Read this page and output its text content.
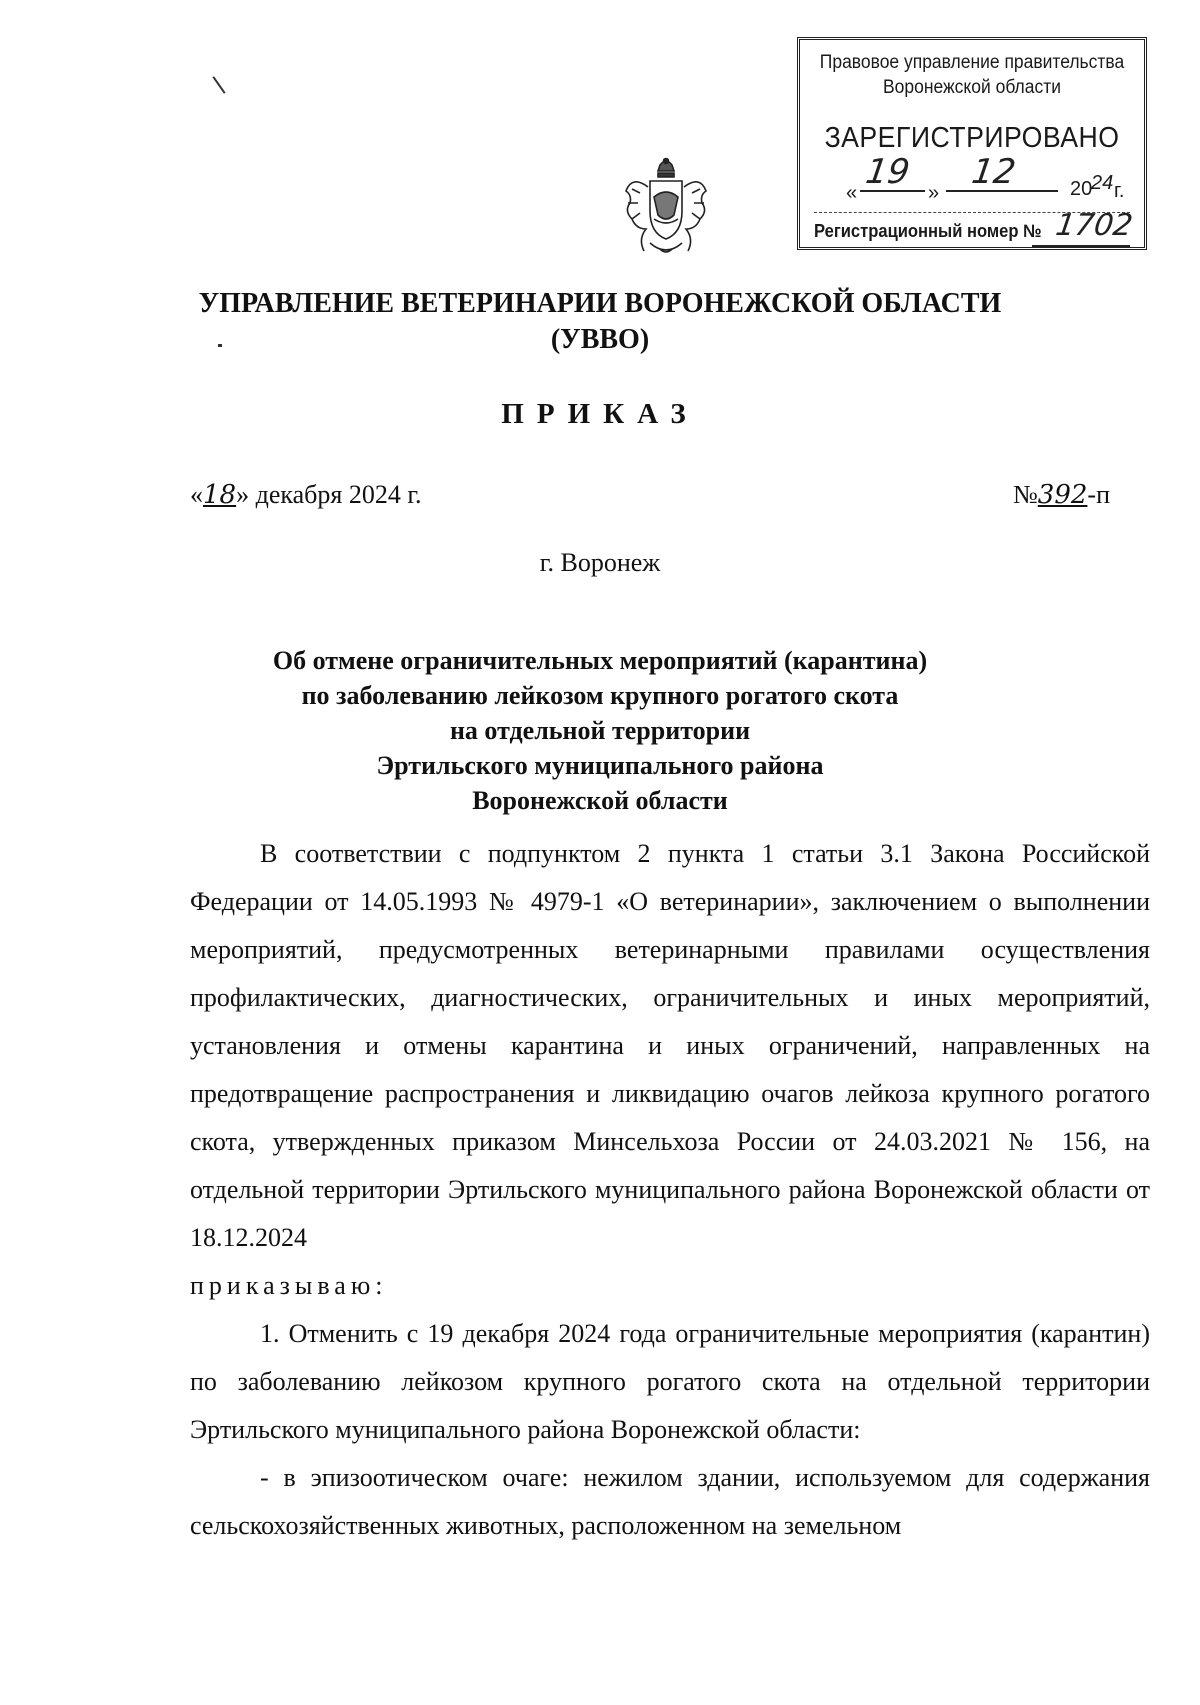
Правовое управление правительства
Воронежской области
ЗАРЕГИСТРИРОВАНО
«
19
»
12	20
24 г.
Регистрационный номер № 1702
УПРАВЛЕНИЕ ВЕТЕРИНАРИИ ВОРОНЕЖСКОЙ ОБЛАСТИ
(УВВО)
ПРИКАЗ
«18» декабря 2024 г.	№392-п
г. Воронеж
Об отмене ограничительных мероприятий (карантина)
по заболеванию лейкозом крупного рогатого скота
на отдельной территории
Эртильского муниципального района
Воронежской области

В соответствии с подпунктом 2 пункта 1 статьи 3.1 Закона Российской Федерации от 14.05.1993 № 4979-1 «О ветеринарии», заключением о выполнении мероприятий, предусмотренных ветеринарными правилами осуществления профилактических, диагностических, ограничительных и иных мероприятий, установления и отмены карантина и иных ограничений, направленных на предотвращение распространения и ликвидацию очагов лейкоза крупного рогатого скота, утвержденных приказом Минсельхоза России от 24.03.2021 № 156, на отдельной территории Эртильского муниципального района Воронежской области от 18.12.2024

приказываю:

1. Отменить с 19 декабря 2024 года ограничительные мероприятия (карантин) по заболеванию лейкозом крупного рогатого скота на отдельной территории Эртильского муниципального района Воронежской области:

- в эпизоотическом очаге: нежилом здании, используемом для содержания сельскохозяйственных животных, расположенном на земельном
